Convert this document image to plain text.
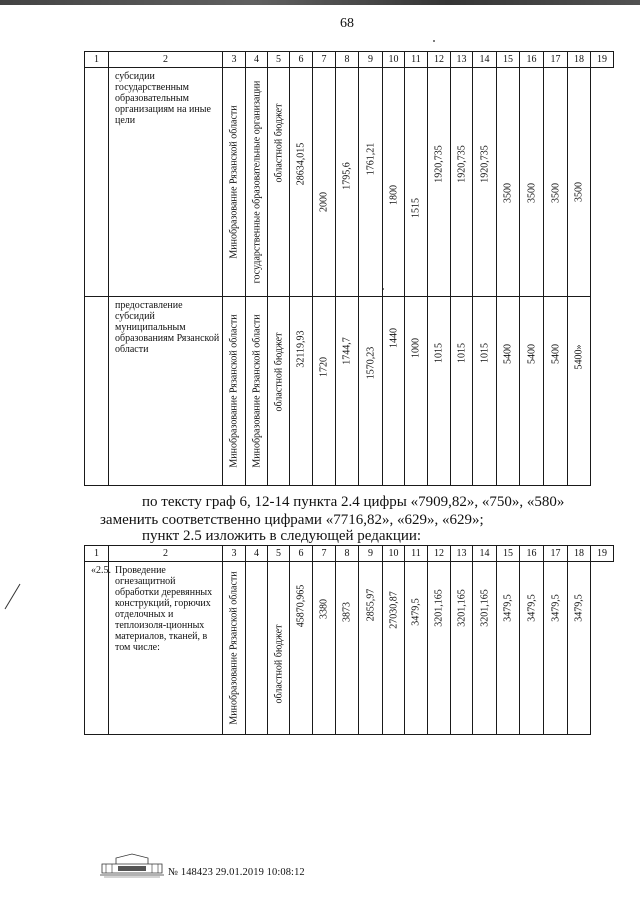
68
1	2	3	4	5	6	7	8	9	10	11	12	13	14	15	16	17	18	19
	субсидии государственным образовательным организациям на иные цели	Минобразование Рязанской области	государственные образовательные организации	областной бюджет	28634,015	2000	1795,6	1761,21	1800	1515	1920,735	1920,735	1920,735	3500	3500	3500	3500	

	предоставление субсидий муниципальным образованиям Рязанской области	Минобразование Рязанской области	Минобразование Рязанской области	областной бюджет	32119,93	1720	1744,7	1570,23	1440	1000	1015	1015	1015	5400	5400	5400	5400»	
по тексту граф 6, 12-14 пункта 2.4 цифры «7909,82», «750», «580»
заменить соответственно цифрами «7716,82», «629», «629»;
пункт 2.5 изложить в следующей редакции:
1	2	3	4	5	6	7	8	9	10	11	12	13	14	15	16	17	18	19
«2.5.	Проведение огнезащитной обработки деревянных конструкций, горючих отделочных и теплоизоля-ционных материалов, тканей, в том числе:	Минобразование Рязанской области		областной бюджет	45870,965	3380	3873	2855,97	27030,87	3479,5	3201,165	3201,165	3201,165	3479,5	3479,5	3479,5	3479,5	
№ 148423 29.01.2019 10:08:12
